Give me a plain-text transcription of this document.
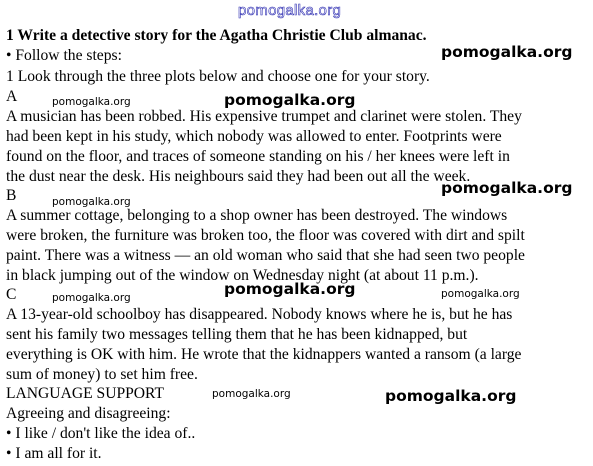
pomogalka.org
1 Write a detective story for the Agatha Christie Club almanac.
• Follow the steps:
1 Look through the three plots below and choose one for your story.
A
A musician has been robbed. His expensive trumpet and clarinet were stolen. They
had been kept in his study, which nobody was allowed to enter. Footprints were
found on the floor, and traces of someone standing on his / her knees were left in
the dust near the desk. His neighbours said they had been out all the week.
B
A summer cottage, belonging to a shop owner has been destroyed. The windows
were broken, the furniture was broken too, the floor was covered with dirt and spilt
paint. There was a witness — an old woman who said that she had seen two people
in black jumping out of the window on Wednesday night (at about 11 p.m.).
C
A 13-year-old schoolboy has disappeared. Nobody knows where he is, but he has
sent his family two messages telling them that he has been kidnapped, but
everything is OK with him. He wrote that the kidnappers wanted a ransom (a large
sum of money) to set him free.
LANGUAGE SUPPORT
Agreeing and disagreeing:
• I like / don't like the idea of..
• I am all for it.
pomogalka.org
pomogalka.org	pomogalka.org
pomogalka.org
pomogalka.org
pomogalka.org
pomogalka.org	pomogalka.org
pomogalka.org	pomogalka.org
